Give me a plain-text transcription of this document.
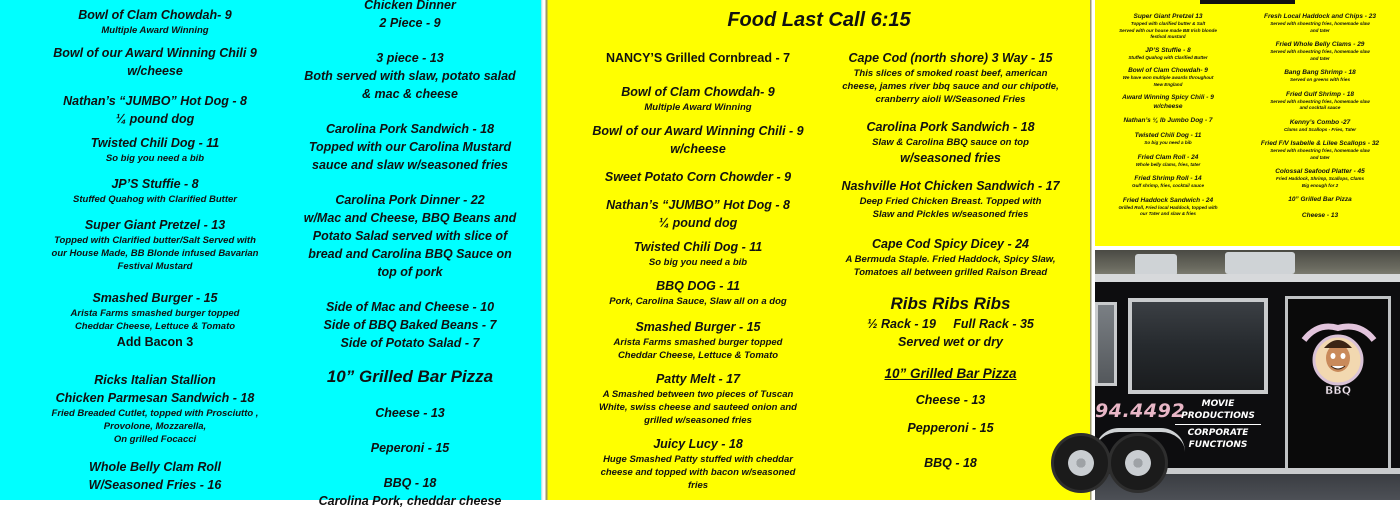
Bowl of Clam Chowdah- 9
Multiple Award Winning
Bowl of our Award Winning Chili 9
w/cheese
Nathan’s “JUMBO” Hot Dog - 8
¼ pound dog
Twisted Chili Dog - 11
So big you need a bib
JP’S Stuffie - 8
Stuffed Quahog with Clarified Butter
Super Giant Pretzel - 13
Topped with Clarified butter/Salt Served with
our House Made, BB Blonde infused Bavarian
Festival Mustard
Smashed Burger - 15
Arista Farms smashed burger topped
Cheddar Cheese, Lettuce & Tomato
Add Bacon 3
Ricks Italian Stallion
Chicken Parmesan Sandwich - 18
Fried Breaded Cutlet, topped with Prosciutto ,
Provolone, Mozzarella,
On grilled Focacci
Whole Belly Clam Roll
W/Seasoned Fries - 16
Chicken Dinner
2 Piece - 9
3 piece - 13
Both served with slaw, potato salad
& mac & cheese
Carolina Pork Sandwich - 18
Topped with our Carolina Mustard
sauce and slaw w/seasoned fries
Carolina Pork Dinner - 22
w/Mac and Cheese, BBQ Beans and
Potato Salad served with slice of
bread and Carolina BBQ Sauce on
top of pork
Side of Mac and Cheese - 10
Side of BBQ Baked Beans - 7
Side of Potato Salad - 7
10” Grilled Bar Pizza
Cheese - 13
Peperoni - 15
BBQ - 18
Carolina Pork, cheddar cheese
Food Last Call 6:15
NANCY’S Grilled Cornbread - 7
Bowl of Clam Chowdah- 9
Multiple Award Winning
Bowl of our Award Winning Chili - 9
w/cheese
Sweet Potato Corn Chowder - 9
Nathan’s “JUMBO” Hot Dog - 8
¼ pound dog
Twisted Chili Dog - 11
So big you need a bib
BBQ DOG - 11
Pork, Carolina Sauce, Slaw all on a dog
Smashed Burger - 15
Arista Farms smashed burger topped
Cheddar Cheese, Lettuce & Tomato
Patty Melt - 17
A Smashed between two pieces of Tuscan
White, swiss cheese and sauteed onion and
grilled w/seasoned fries
Juicy Lucy - 18
Huge Smashed Patty stuffed with cheddar
cheese and topped with bacon w/seasoned
fries
Cape Cod (north shore) 3 Way - 15
This slices of smoked roast beef, american
cheese, james river bbq sauce and our chipotle,
cranberry aioli W/Seasoned Fries
Carolina Pork Sandwich - 18
Slaw & Carolina BBQ sauce on top
w/seasoned fries
Nashville Hot Chicken Sandwich - 17
Deep Fried Chicken Breast. Topped with
Slaw and Pickles w/seasoned fries
Cape Cod Spicy Dicey - 24
A Bermuda Staple. Fried Haddock, Spicy Slaw,
Tomatoes all between grilled Raison Bread
Ribs Ribs Ribs
½ Rack - 19     Full Rack - 35
Served wet or dry
10” Grilled Bar Pizza
Cheese - 13
Pepperoni - 15
BBQ - 18
Super Giant Pretzel 13
Topped with clarified butter & Salt
Served with our house made BB Irish blonde
festival mustard
JP’S Stuffie - 8
Stuffed Quahog with Clarified Butter
Bowl of Clam Chowdah- 9
We have won multiple awards throughout
New England
Award Winning Spicy Chili - 9
w/cheese
Nathan’s ¼ lb Jumbo Dog - 7
Twisted Chili Dog - 11
So big you need a bib
Fried Clam Roll - 24
Whole belly clams, fries, tater
Fried Shrimp Roll - 14
Gulf shrimp, fries, cocktail sauce
Fried Haddock Sandwich - 24
Grilled Roll, Fried local Haddock, topped with
our Tater and slaw & fries
Fresh Local Haddock and Chips - 23
Served with shoestring fries, homemade slaw
and tater
Fried Whole Belly Clams - 29
Served with shoestring fries, homemade slaw
and tater
Bang Bang Shrimp - 18
Served on greens with fries
Fried Gulf Shrimp - 18
Served with shoestring fries, homemade slaw
and cocktail sauce
Kenny’s Combo -27
Clams and Scallops - Fries, Tater
Fried F/V Isabelle & Lilee Scallops - 32
Served with shoestring fries, homemade slaw
and tater
Colossal Seafood Platter - 45
Fried Haddock, Shrimp, Scallops, Clams
Big enough for 2
10” Grilled Bar Pizza
Cheese - 13
BBQ
94.4492	MOVIE
PRODUCTIONS
CORPORATE
FUNCTIONS
